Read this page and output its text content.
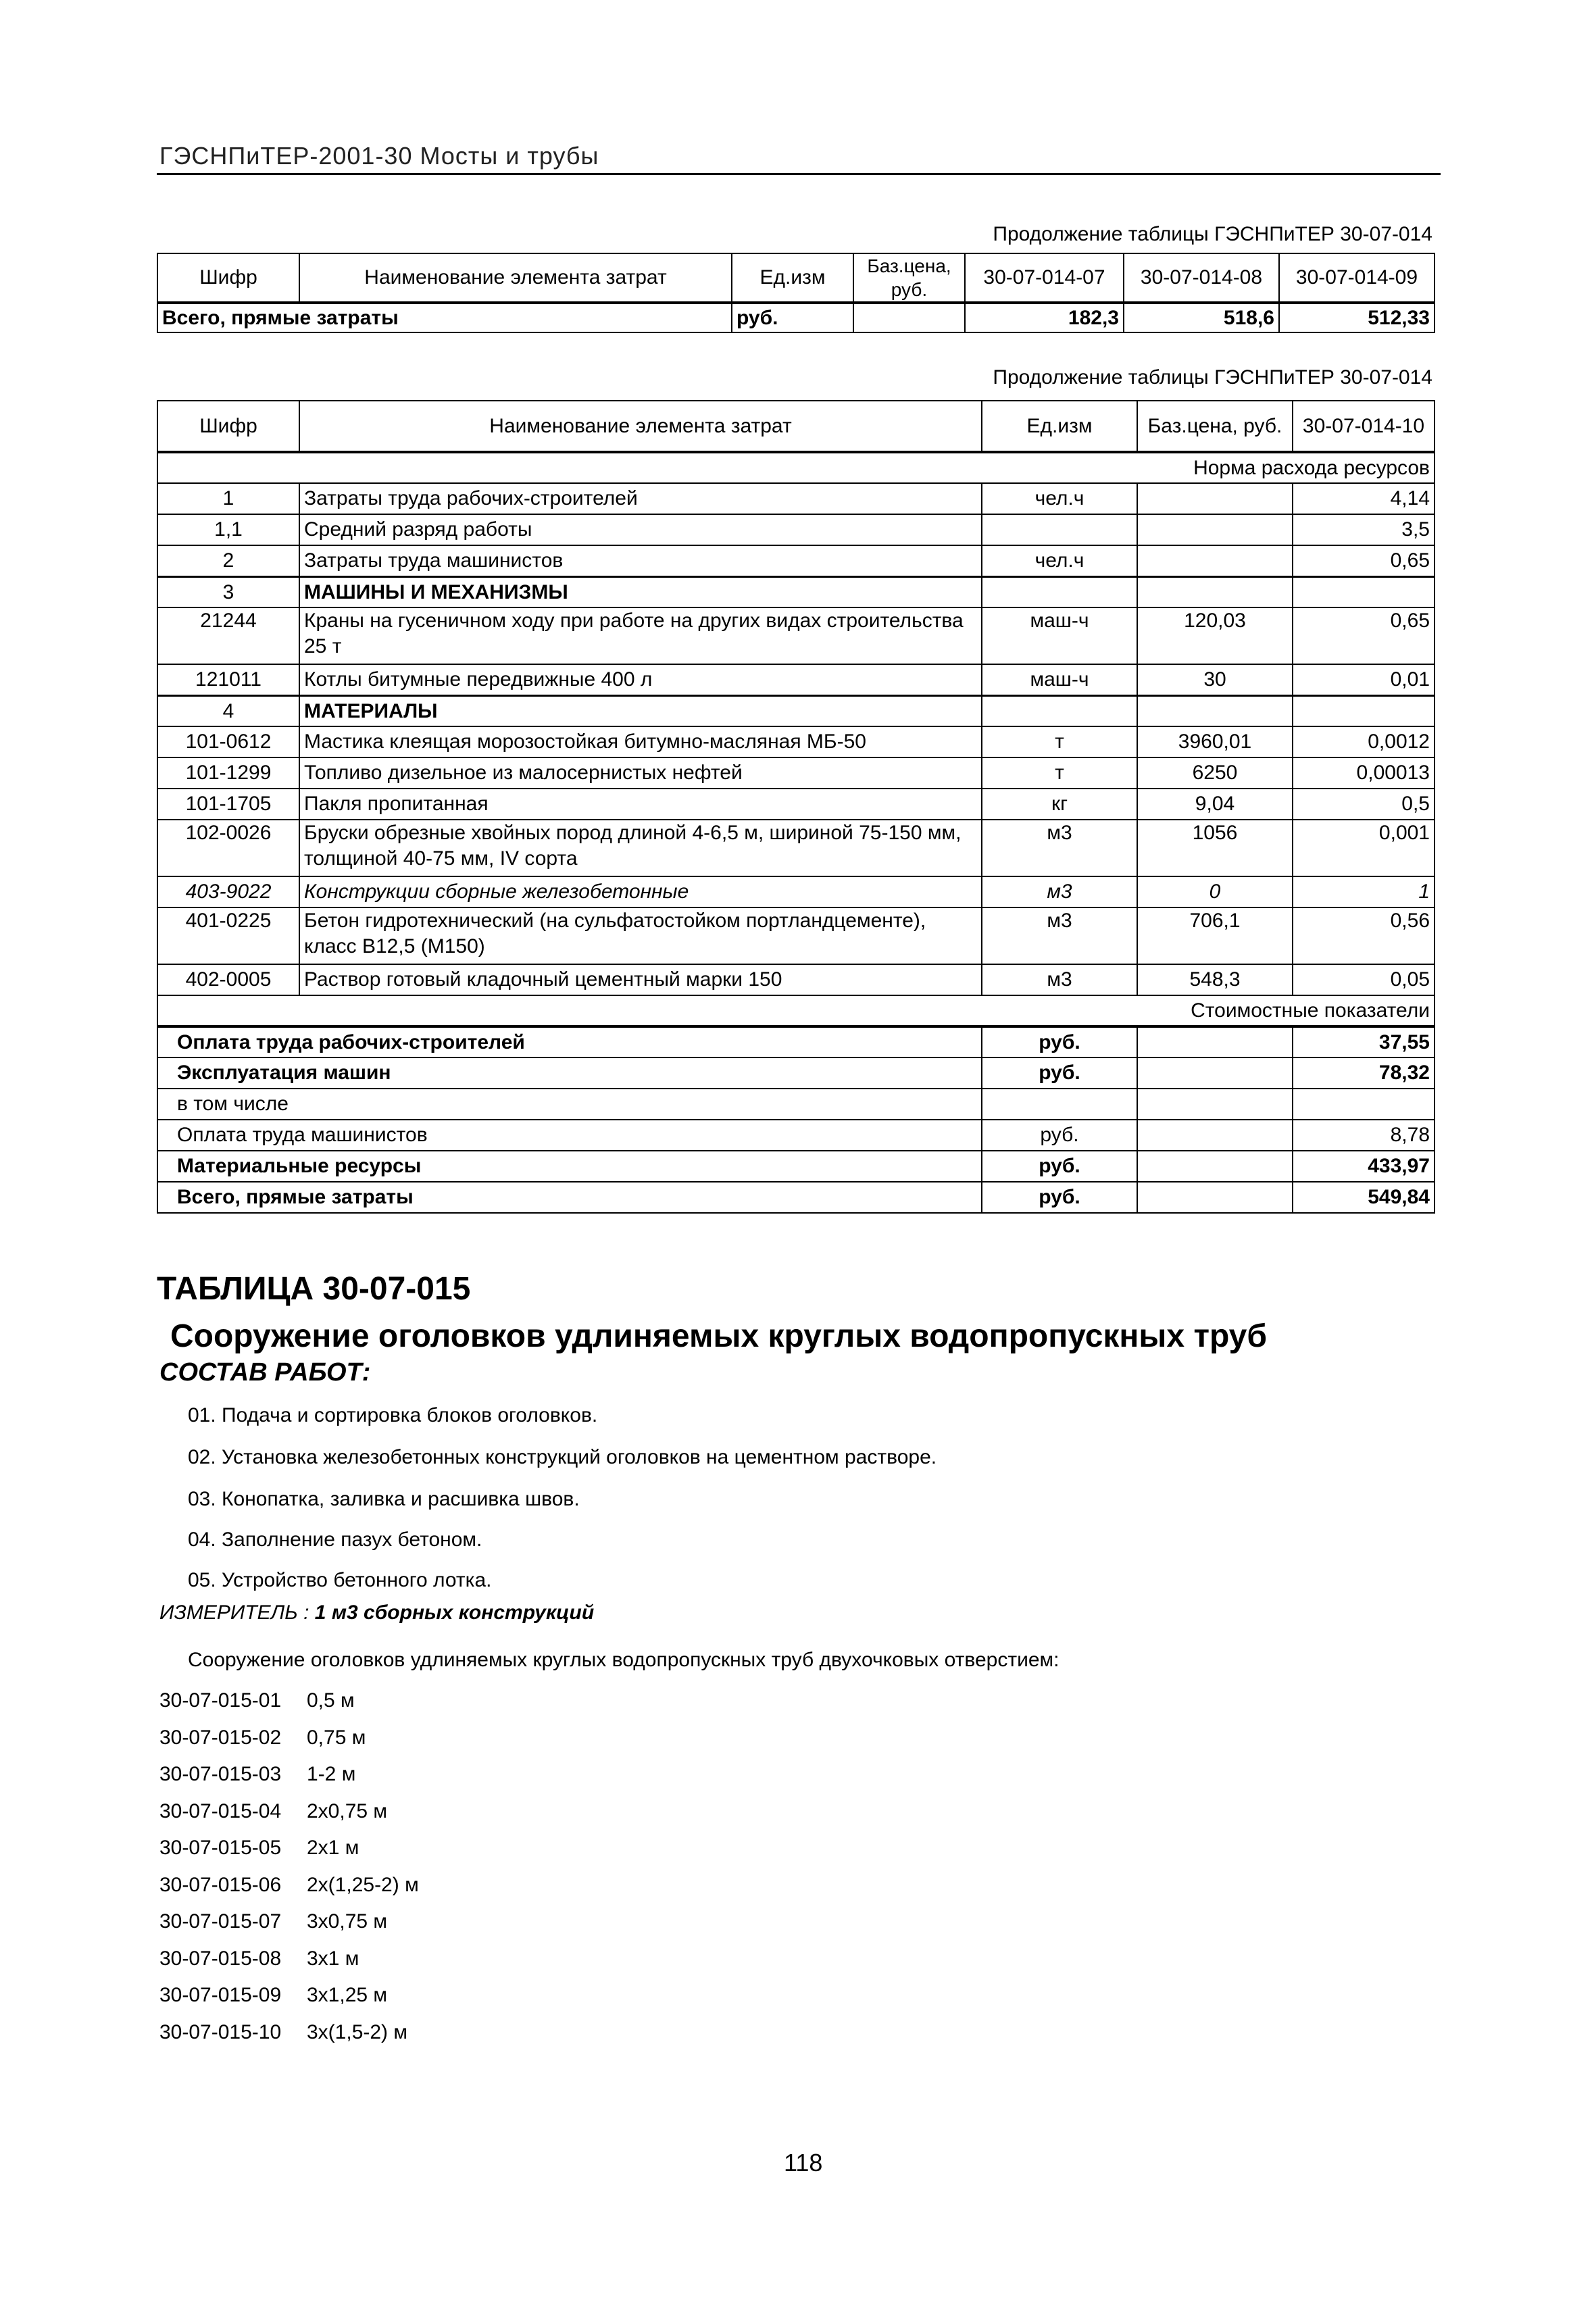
ГЭСНПиТЕР-2001-30 Мосты и трубы
Продолжение таблицы ГЭСНПиТЕР 30-07-014
Шифр	Наименование элемента затрат	Ед.изм	Баз.цена, руб.	30-07-014-07	30-07-014-08	30-07-014-09
Всего, прямые затраты		руб.		182,3	518,6	512,33
Продолжение таблицы ГЭСНПиТЕР 30-07-014
Шифр	Наименование элемента затрат	Ед.изм	Баз.цена, руб.	30-07-014-10
Норма расхода ресурсов				
1	Затраты труда рабочих-строителей	чел.ч		4,14
1,1	Средний разряд работы			3,5
2	Затраты труда машинистов	чел.ч		0,65
3	МАШИНЫ И МЕХАНИЗМЫ			
21244	Краны на гусеничном ходу при работе на других видах строительства 25 т	маш-ч	120,03	0,65
121011	Котлы битумные передвижные 400 л	маш-ч	30	0,01
4	МАТЕРИАЛЫ			
101-0612	Мастика клеящая морозостойкая битумно-масляная МБ-50	т	3960,01	0,0012
101-1299	Топливо дизельное из малосернистых нефтей	т	6250	0,00013
101-1705	Пакля пропитанная	кг	9,04	0,5
102-0026	Бруски обрезные хвойных пород длиной 4-6,5 м, шириной 75-150 мм, толщиной 40-75 мм, IV сорта	м3	1056	0,001
403-9022	Конструкции сборные железобетонные	м3	0	1
401-0225	Бетон гидротехнический (на сульфатостойком портландцементе), класс В12,5 (М150)	м3	706,1	0,56
402-0005	Раствор готовый кладочный цементный марки 150	м3	548,3	0,05
Стоимостные показатели				
Оплата труда рабочих-строителей		руб.		37,55
Эксплуатация машин		руб.		78,32
в том числе				
Оплата труда машинистов		руб.		8,78
Материальные ресурсы		руб.		433,97
Всего, прямые затраты		руб.		549,84
ТАБЛИЦА 30-07-015
Сооружение оголовков удлиняемых круглых водопропускных труб
СОСТАВ РАБОТ:
01. Подача и сортировка блоков оголовков.
02. Установка железобетонных конструкций оголовков на цементном растворе.
03. Конопатка, заливка и расшивка швов.
04. Заполнение пазух бетоном.
05. Устройство бетонного лотка.
ИЗМЕРИТЕЛЬ : 1 м3 сборных конструкций
Сооружение оголовков удлиняемых круглых водопропускных труб двухочковых отверстием:
30-07-015-01 0,5 м
30-07-015-02 0,75 м
30-07-015-03 1-2 м
30-07-015-04 2х0,75 м
30-07-015-05 2х1 м
30-07-015-06 2х(1,25-2) м
30-07-015-07 3х0,75 м
30-07-015-08 3х1 м
30-07-015-09 3х1,25 м
30-07-015-10 3х(1,5-2) м
118
